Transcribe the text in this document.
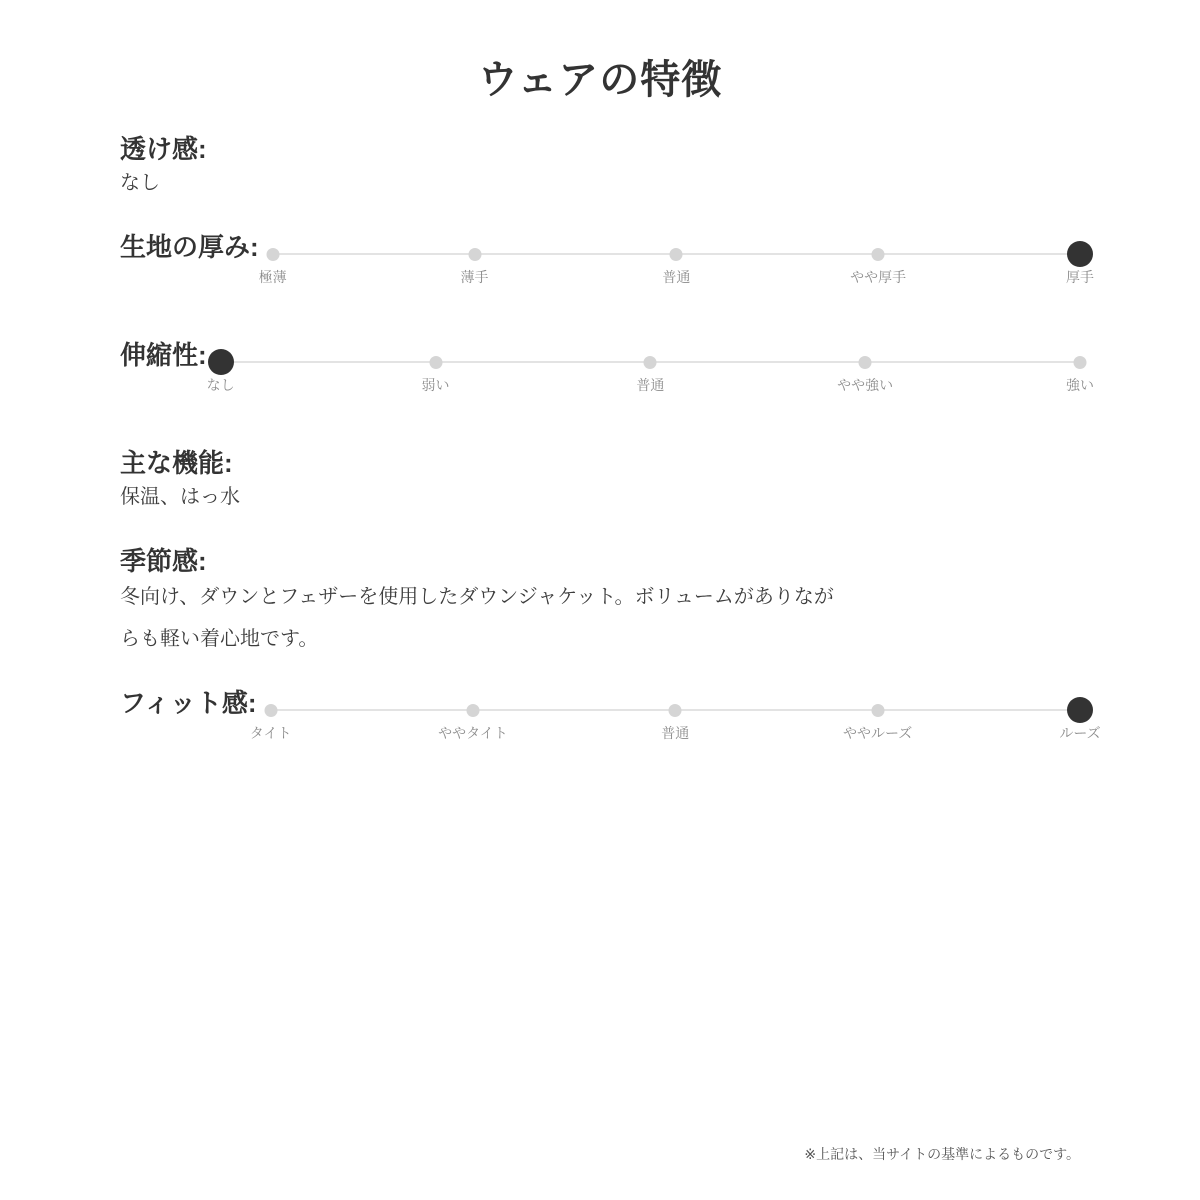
ウェアの特徴
透け感:

なし

生地の厚み:
極薄	薄手	普通	やや厚手	厚手
伸縮性:
なし	弱い	普通	やや強い	強い
主な機能:

保温、はっ水

季節感:

冬向け、ダウンとフェザーを使用したダウンジャケット。ボリュームがありなが

らも軽い着心地です。

フィット感:
タイト	ややタイト	普通	ややルーズ	ルーズ
※上記は、当サイトの基準によるものです。
